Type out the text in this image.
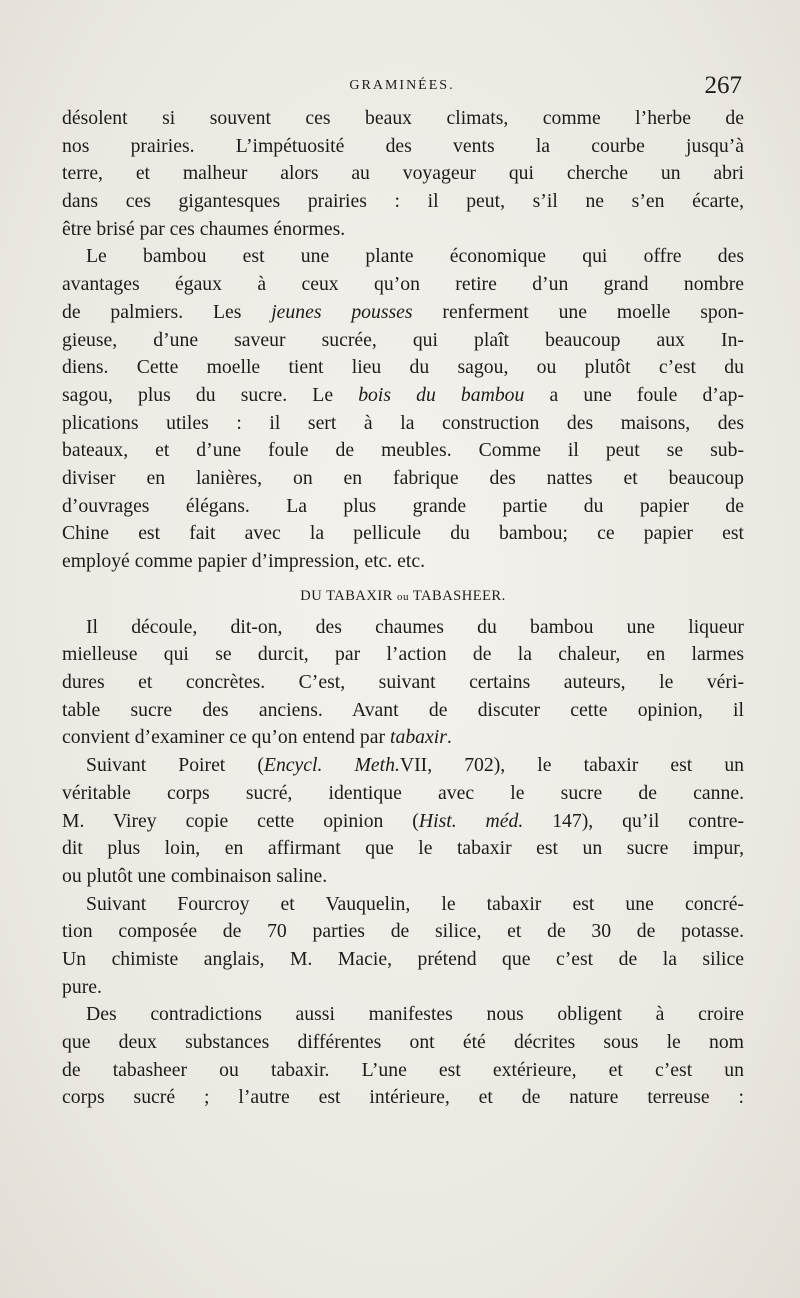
GRAMINÉES.	267
désolent si souvent ces beaux climats, comme l’herbe de
nos prairies. L’impétuosité des vents la courbe jusqu’à
terre, et malheur alors au voyageur qui cherche un abri
dans ces gigantesques prairies : il peut, s’il ne s’en écarte,
être brisé par ces chaumes énormes.
Le bambou est une plante économique qui offre des
avantages égaux à ceux qu’on retire d’un grand nombre
de palmiers. Les jeunes pousses renferment une moelle spon-
gieuse, d’une saveur sucrée, qui plaît beaucoup aux In-
diens. Cette moelle tient lieu du sagou, ou plutôt c’est du
sagou, plus du sucre. Le bois du bambou a une foule d’ap-
plications utiles : il sert à la construction des maisons, des
bateaux, et d’une foule de meubles. Comme il peut se sub-
diviser en lanières, on en fabrique des nattes et beaucoup
d’ouvrages élégans. La plus grande partie du papier de
Chine est fait avec la pellicule du bambou; ce papier est
employé comme papier d’impression, etc. etc.
DU TABAXIR ou TABASHEER.
Il découle, dit-on, des chaumes du bambou une liqueur
mielleuse qui se durcit, par l’action de la chaleur, en larmes
dures et concrètes. C’est, suivant certains auteurs, le véri-
table sucre des anciens. Avant de discuter cette opinion, il
convient d’examiner ce qu’on entend par tabaxir.
Suivant Poiret (Encycl. Meth.VII, 702), le tabaxir est un
véritable corps sucré, identique avec le sucre de canne.
M. Virey copie cette opinion (Hist. méd. 147), qu’il contre-
dit plus loin, en affirmant que le tabaxir est un sucre impur,
ou plutôt une combinaison saline.
Suivant Fourcroy et Vauquelin, le tabaxir est une concré-
tion composée de 70 parties de silice, et de 30 de potasse.
Un chimiste anglais, M. Macie, prétend que c’est de la silice
pure.
Des contradictions aussi manifestes nous obligent à croire
que deux substances différentes ont été décrites sous le nom
de tabasheer ou tabaxir. L’une est extérieure, et c’est un
corps sucré ; l’autre est intérieure, et de nature terreuse :
